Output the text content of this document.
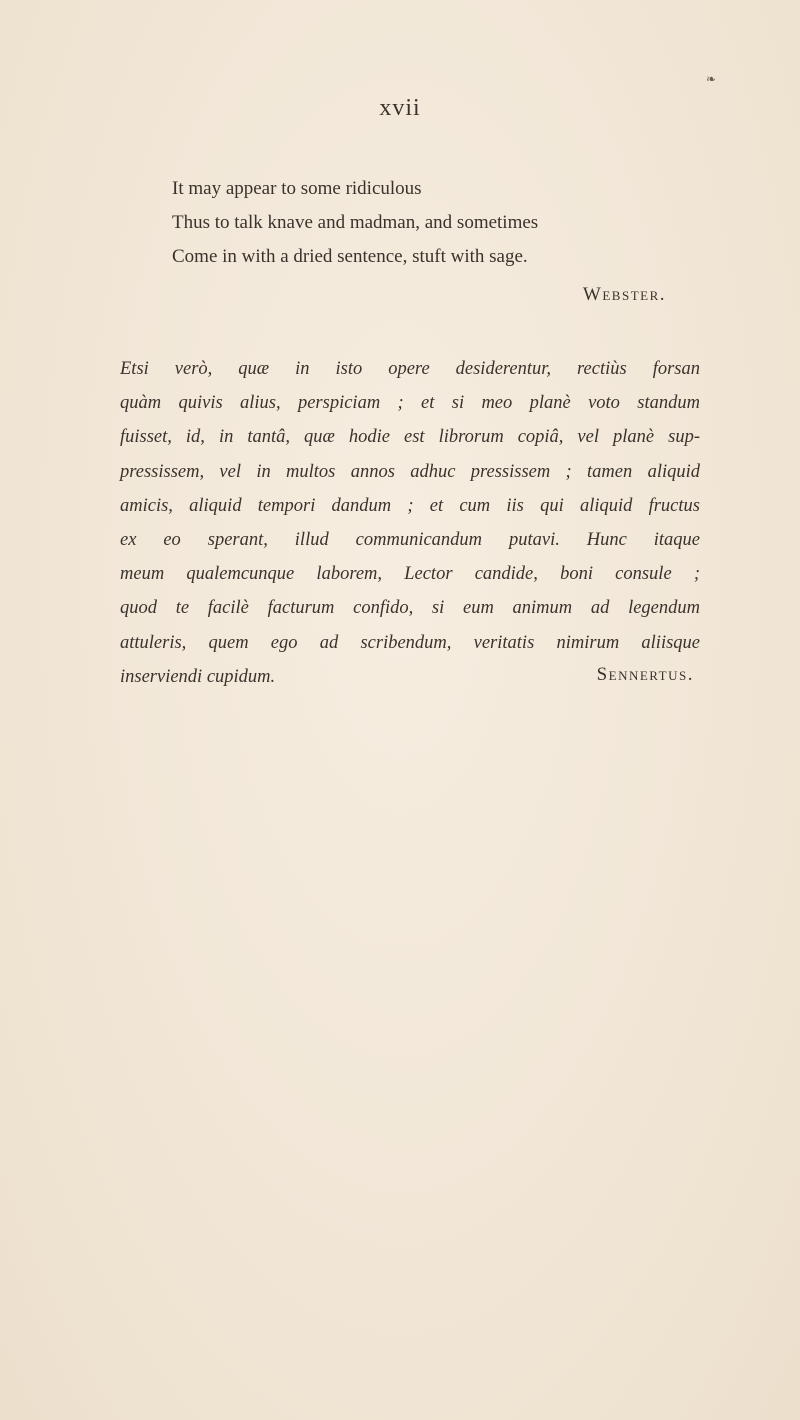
❧
xvii
It may appear to some ridiculous
Thus to talk knave and madman, and sometimes
Come in with a dried sentence, stuft with sage.
Webster.
Etsi verò, quæ in isto opere desiderentur, rectiùs forsan
quàm quivis alius, perspiciam ; et si meo planè voto standum
fuisset, id, in tantâ, quæ hodie est librorum copiâ, vel planè sup-
pressissem, vel in multos annos adhuc pressissem ; tamen aliquid
amicis, aliquid tempori dandum ; et cum iis qui aliquid fructus
ex eo sperant, illud communicandum putavi. Hunc itaque
meum qualemcunque laborem, Lector candide, boni consule ;
quod te facilè facturum confido, si eum animum ad legendum
attuleris, quem ego ad scribendum, veritatis nimirum aliisque
inserviendi cupidum.	Sennertus.
